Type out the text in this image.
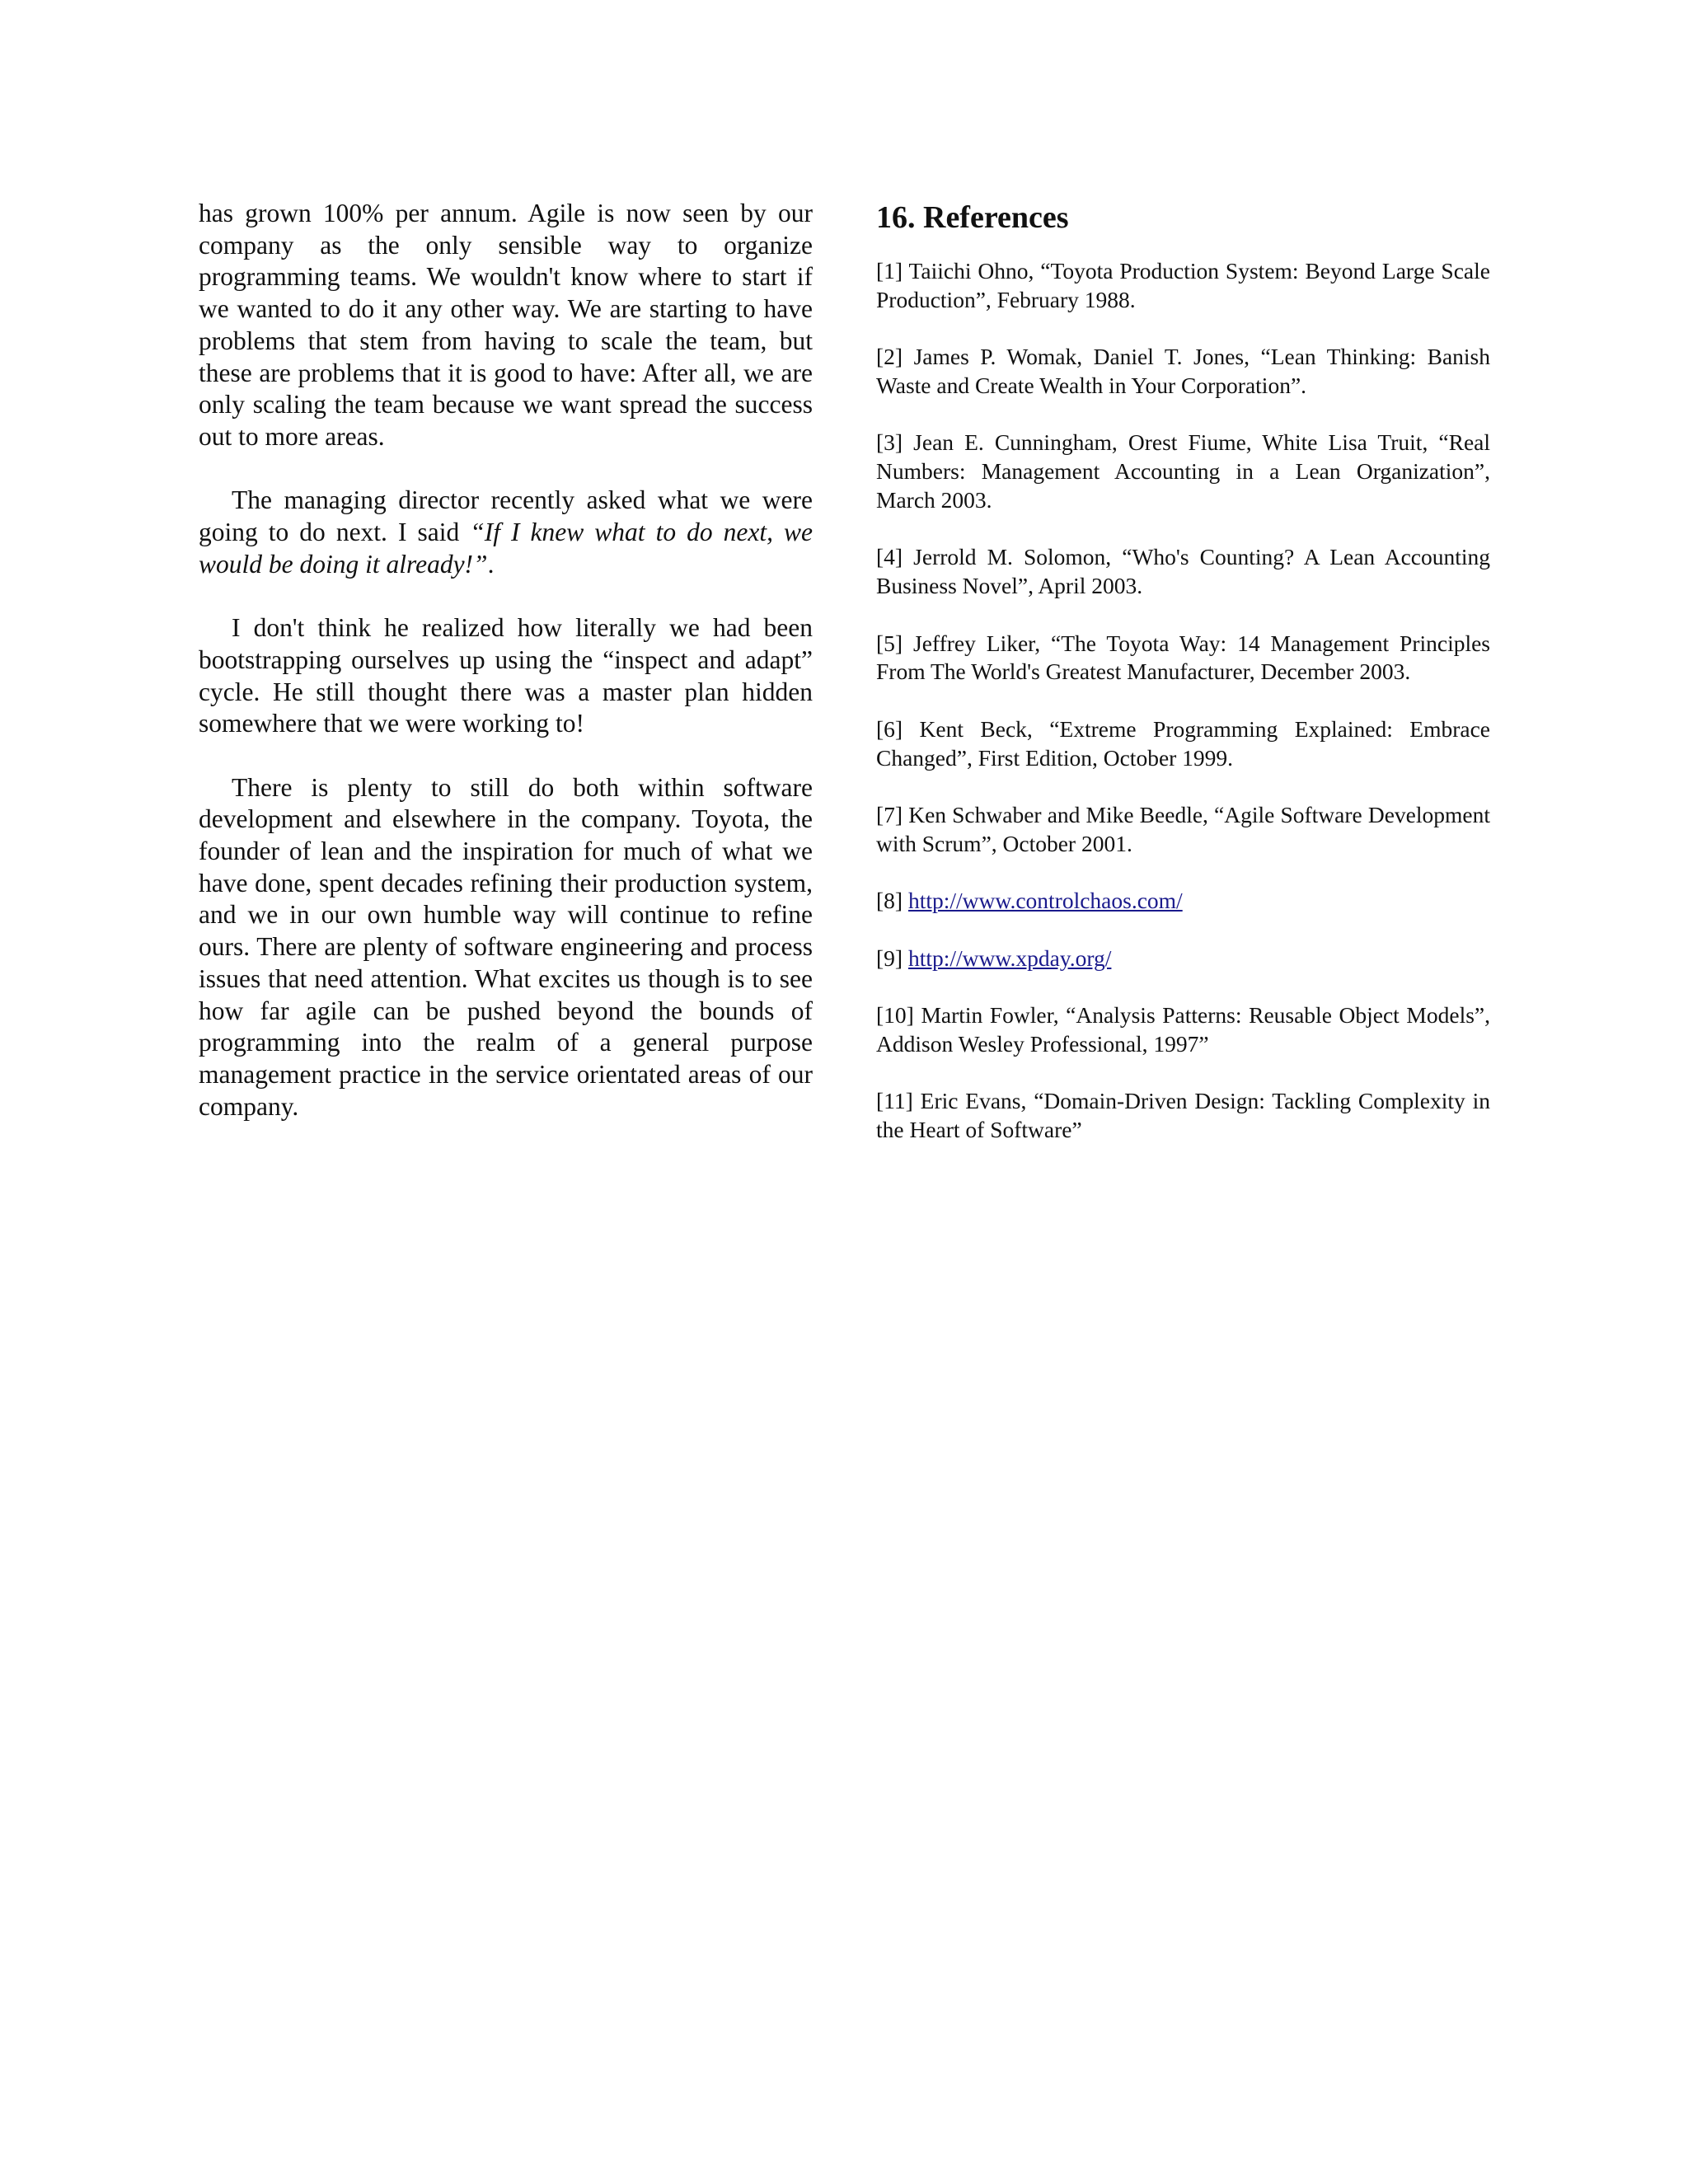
has grown 100% per annum. Agile is now seen by our company as the only sensible way to organize programming teams. We wouldn't know where to start if we wanted to do it any other way. We are starting to have problems that stem from having to scale the team, but these are problems that it is good to have: After all, we are only scaling the team because we want spread the success out to more areas.

The managing director recently asked what we were going to do next. I said “If I knew what to do next, we would be doing it already!”.

I don't think he realized how literally we had been bootstrapping ourselves up using the “inspect and adapt” cycle. He still thought there was a master plan hidden somewhere that we were working to!

There is plenty to still do both within software development and elsewhere in the company. Toyota, the founder of lean and the inspiration for much of what we have done, spent decades refining their production system, and we in our own humble way will continue to refine ours. There are plenty of software engineering and process issues that need attention. What excites us though is to see how far agile can be pushed beyond the bounds of programming into the realm of a general purpose management practice in the service orientated areas of our company.

16. References

[1] Taiichi Ohno, “Toyota Production System: Beyond Large Scale Production”, February 1988.

[2] James P. Womak, Daniel T. Jones, “Lean Thinking: Banish Waste and Create Wealth in Your Corporation”.

[3] Jean E. Cunningham, Orest Fiume, White Lisa Truit, “Real Numbers: Management Accounting in a Lean Organization”, March 2003.

[4] Jerrold M. Solomon, “Who's Counting? A Lean Accounting Business Novel”, April 2003.

[5] Jeffrey Liker, “The Toyota Way: 14 Management Principles From The World's Greatest Manufacturer, December 2003.

[6] Kent Beck, “Extreme Programming Explained: Embrace Changed”, First Edition, October 1999.

[7] Ken Schwaber and Mike Beedle, “Agile Software Development with Scrum”, October 2001.

[8] http://www.controlchaos.com/

[9] http://www.xpday.org/

[10] Martin Fowler, “Analysis Patterns: Reusable Object Models”, Addison Wesley Professional, 1997”

[11] Eric Evans, “Domain-Driven Design: Tackling Complexity in the Heart of Software”
